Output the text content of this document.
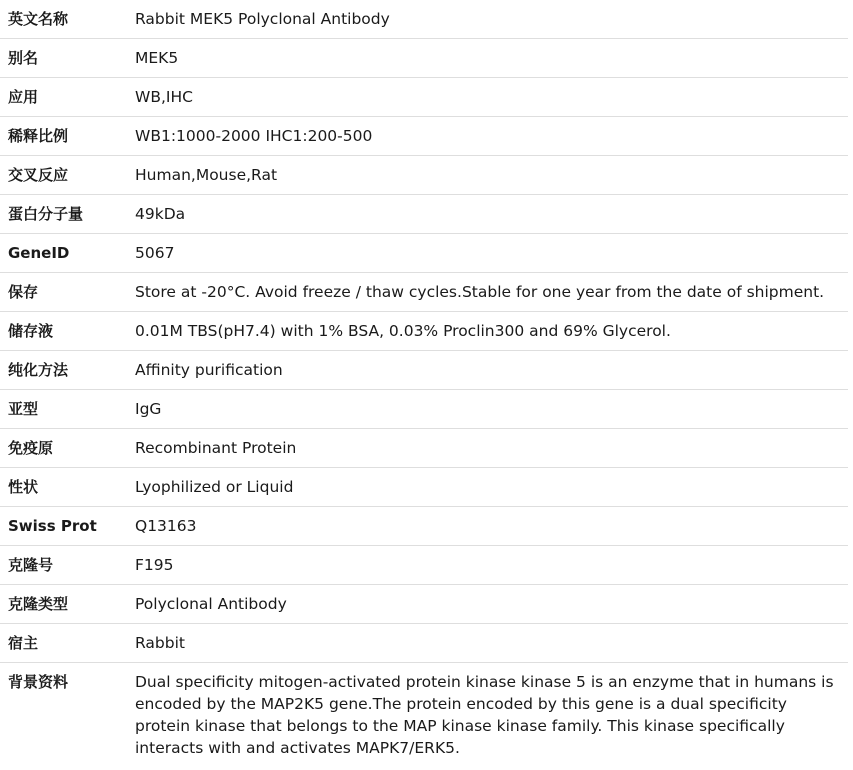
英文名称	Rabbit MEK5 Polyclonal Antibody
别名	MEK5
应用	WB,IHC
稀释比例	WB1:1000-2000 IHC1:200-500
交叉反应	Human,Mouse,Rat
蛋白分子量	49kDa
GeneID	5067
保存	Store at -20°C. Avoid freeze / thaw cycles.Stable for one year from the date of shipment.
储存液	0.01M TBS(pH7.4) with 1% BSA, 0.03% Proclin300 and 69% Glycerol.
纯化方法	Affinity purification
亚型	IgG
免疫原	Recombinant Protein
性状	Lyophilized or Liquid
Swiss Prot	Q13163
克隆号	F195
克隆类型	Polyclonal Antibody
宿主	Rabbit
背景资料	Dual specificity mitogen-activated protein kinase kinase 5 is an enzyme that in humans is encoded by the MAP2K5 gene.The protein encoded by this gene is a dual specificity protein kinase that belongs to the MAP kinase kinase family. This kinase specifically interacts with and activates MAPK7/ERK5.
